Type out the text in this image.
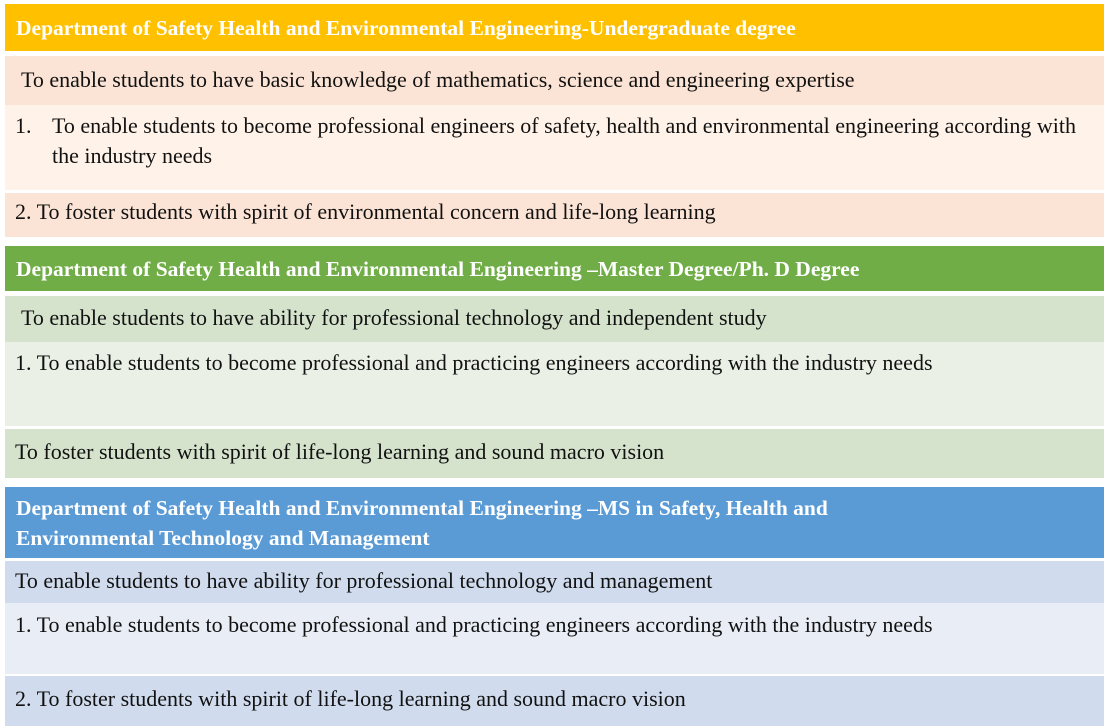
Department of Safety Health and Environmental Engineering-Undergraduate degree
To enable students to have basic knowledge of mathematics, science and engineering expertise
1. To enable students to become professional engineers of safety, health and environmental engineering according with the industry needs
2. To foster students with spirit of environmental concern and life-long learning
Department of Safety Health and Environmental Engineering –Master Degree/Ph. D Degree
To enable students to have ability for professional technology and independent study
1. To enable students to become professional and practicing engineers according with the industry needs
To foster students with spirit of life-long learning and sound macro vision
Department of Safety Health and Environmental Engineering –MS in Safety, Health and
Environmental Technology and Management
To enable students to have ability for professional technology and management
1. To enable students to become professional and practicing engineers according with the industry needs
2. To foster students with spirit of life-long learning and sound macro vision
